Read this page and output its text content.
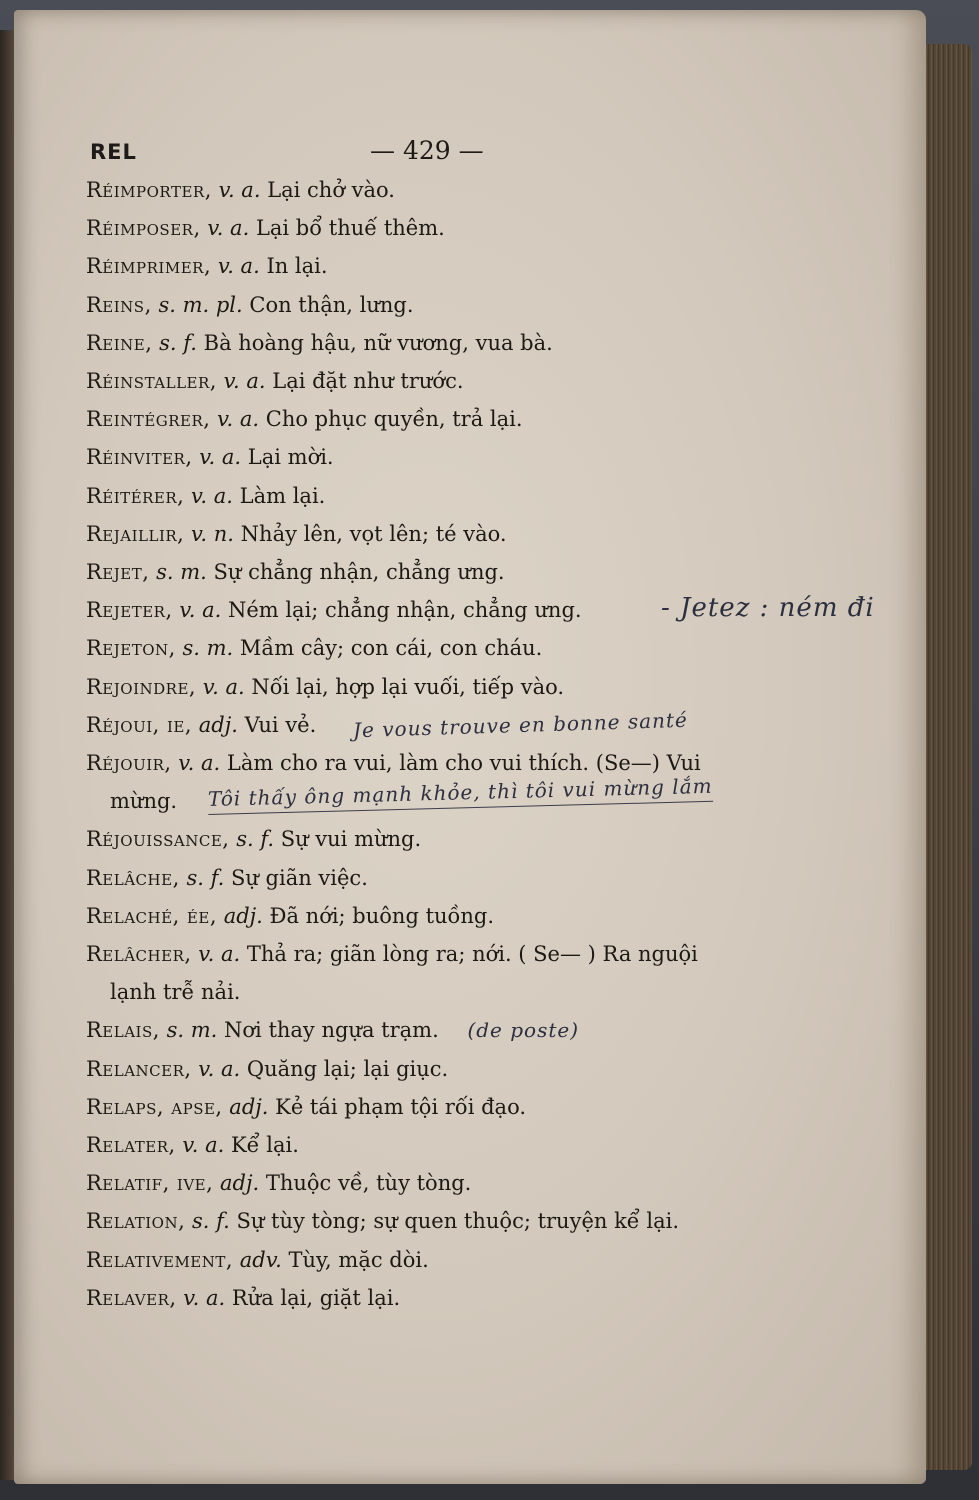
REL	— 429 —
Réimporter, v. a. Lại chở vào.
Réimposer, v. a. Lại bổ thuế thêm.
Réimprimer, v. a. In lại.
Reins, s. m. pl. Con thận, lưng.
Reine, s. f. Bà hoàng hậu, nữ vương, vua bà.
Réinstaller, v. a. Lại đặt như trước.
Reintégrer, v. a. Cho phục quyền, trả lại.
Réinviter, v. a. Lại mời.
Réitérer, v. a. Làm lại.
Rejaillir, v. n. Nhảy lên, vọt lên; té vào.
Rejet, s. m. Sự chẳng nhận, chẳng ưng.
Rejeter, v. a. Ném lại; chẳng nhận, chẳng ưng.	- Jetez : ném đi
Rejeton, s. m. Mầm cây; con cái, con cháu.
Rejoindre, v. a. Nối lại, hợp lại vuối, tiếp vào.
Réjoui, ie, adj. Vui vẻ. Je vous trouve en bonne santé
Réjouir, v. a. Làm cho ra vui, làm cho vui thích. (Se—) Vui
mừng. Tôi thấy ông mạnh khỏe, thì tôi vui mừng lắm
Réjouissance, s. f. Sự vui mừng.
Relâche, s. f. Sự giãn việc.
Relaché, ée, adj. Đã nới; buông tuồng.
Relâcher, v. a. Thả ra; giãn lòng ra; nới. ( Se— ) Ra nguội
lạnh trễ nải.
Relais, s. m. Nơi thay ngựa trạm. (de poste)
Relancer, v. a. Quăng lại; lại giục.
Relaps, apse, adj. Kẻ tái phạm tội rối đạo.
Relater, v. a. Kể lại.
Relatif, ive, adj. Thuộc về, tùy tòng.
Relation, s. f. Sự tùy tòng; sự quen thuộc; truyện kể lại.
Relativement, adv. Tùy, mặc dòi.
Relaver, v. a. Rửa lại, giặt lại.
